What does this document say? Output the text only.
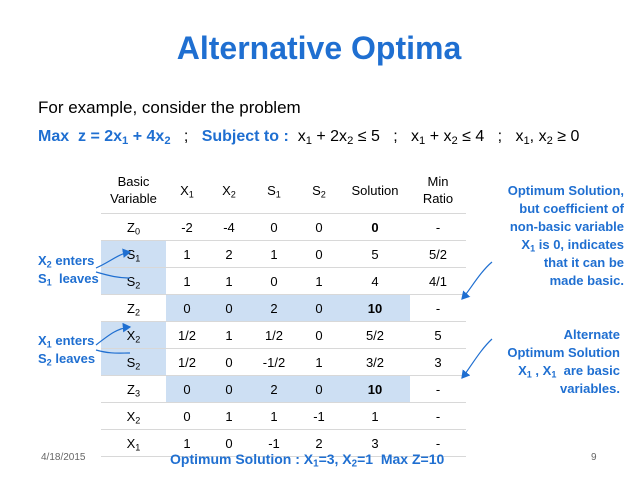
Alternative Optima
For example, consider the problem
Max $z = 2x_1 + 4x_2$ ; Subject to : $x_1 + 2x_2 \le 5$ ; $x_1 + x_2 \le 4$ ; $x_1$, $x_2 \ge 0$
Basic
Variable	$X_1$	$X_2$	$S_1$	$S_2$	Solution	Min
Ratio
$Z_0$	-2	-4	0	0	0	-
$S_1$	1	2	1	0	5	5/2
$S_2$	1	1	0	1	4	4/1
$Z_2$	0	0	2	0	10	-
$X_2$	1/2	1	1/2	0	5/2	5
$S_2$	1/2	0	-1/2	1	3/2	3
$Z_3$	0	0	2	0	10	-
$X_2$	0	1	1	-1	1	-
$X_1$	1	0	-1	2	3	-
$X_2$ enters
$S_1$  leaves
$X_1$ enters
$S_2$ leaves
Optimum Solution,
but coefficient of
non-basic variable
$X_1$ is 0, indicates
that it can be
made basic.
Alternate
Optimum Solution
$X_1$ , $X_1$  are basic
variables.
4/18/2015	Optimum Solution : $X_1=3$, $X_2=1$  Max Z=10	9
